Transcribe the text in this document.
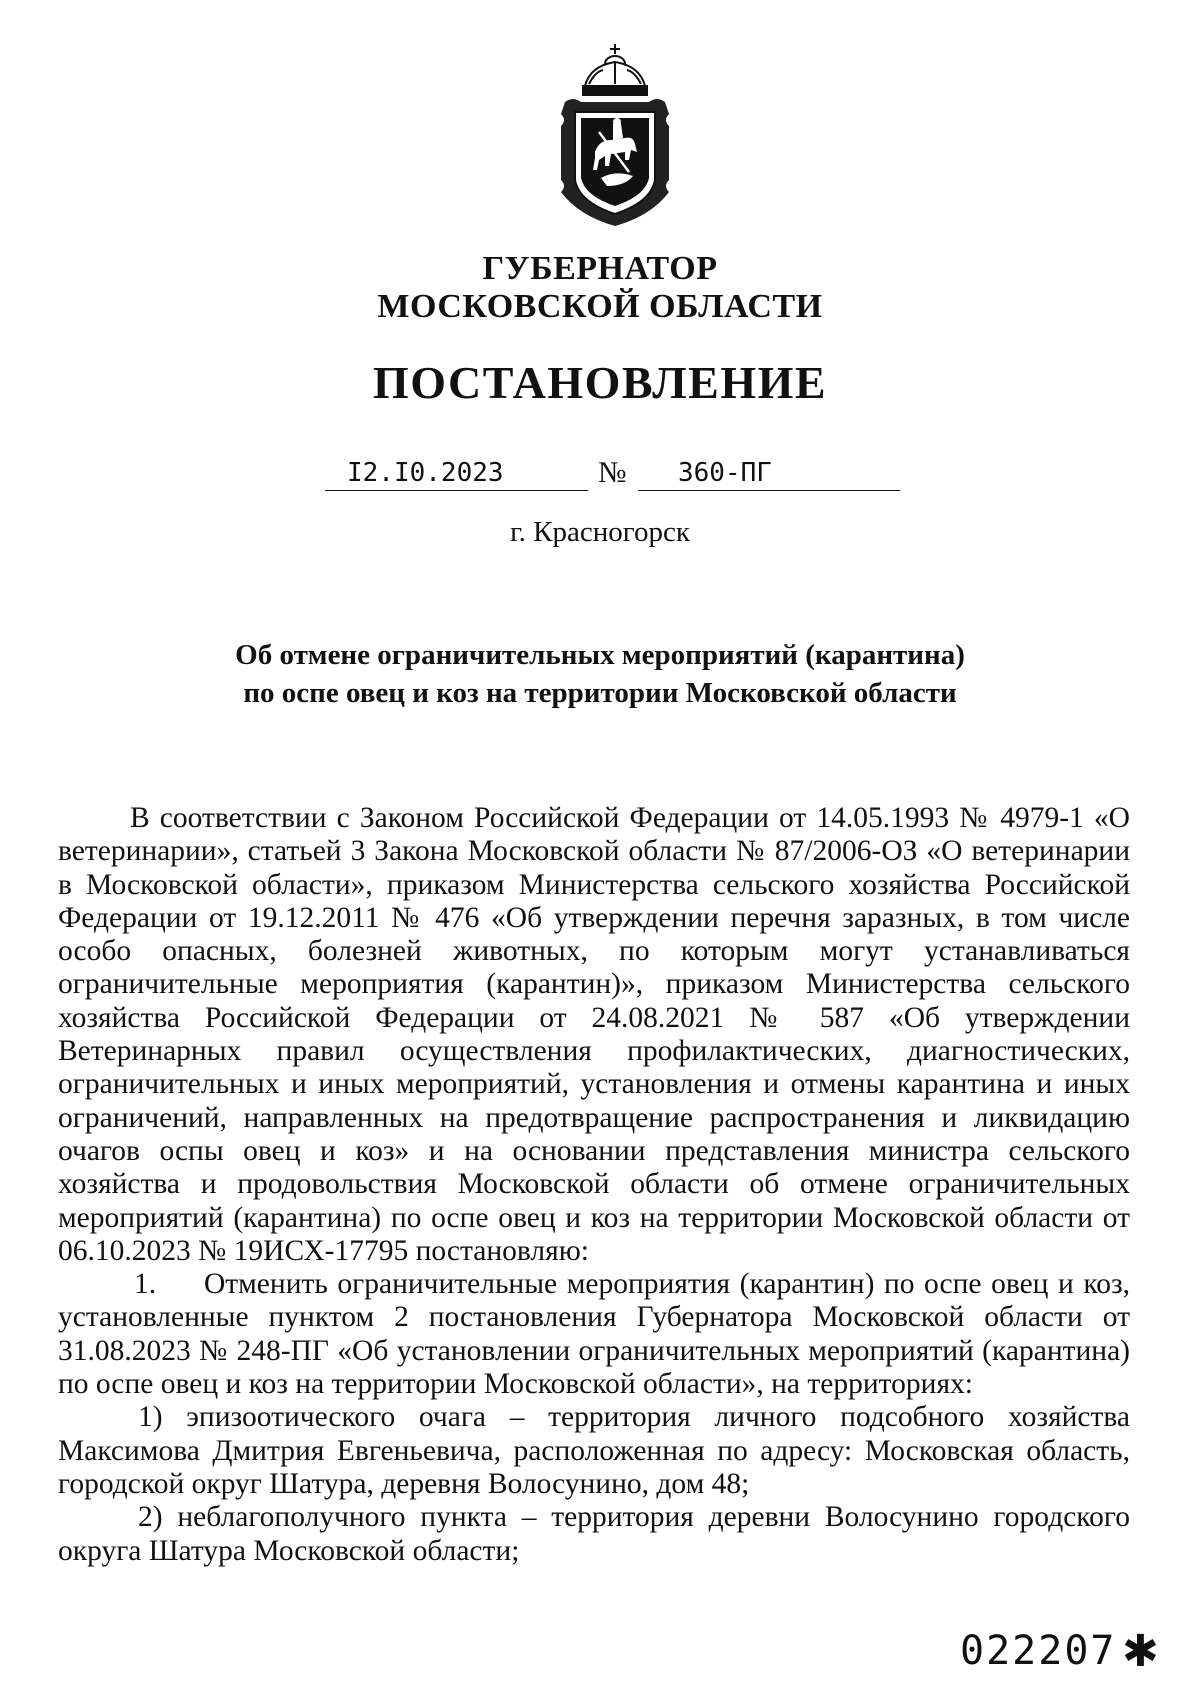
ГУБЕРНАТОР
МОСКОВСКОЙ ОБЛАСТИ
ПОСТАНОВЛЕНИЕ
I2.I0.2023	№	360-ПГ
г. Красногорск
Об отмене ограничительных мероприятий (карантина)
по оспе овец и коз на территории Московской области

В соответствии с Законом Российской Федерации от 14.05.1993 № 4979-1 «О ветеринарии», статьей 3 Закона Московской области № 87/2006-ОЗ «О ветеринарии в Московской области», приказом Министерства сельского хозяйства Российской Федерации от 19.12.2011 № 476 «Об утверждении перечня заразных, в том числе особо опасных, болезней животных, по которым могут устанавливаться ограничительные мероприятия (карантин)», приказом Министерства сельского хозяйства Российской Федерации от 24.08.2021 № 587 «Об утверждении Ветеринарных правил осуществления профилактических, диагностических, ограничительных и иных мероприятий, установления и отмены карантина и иных ограничений, направленных на предотвращение распространения и ликвидацию очагов оспы овец и коз» и на основании представления министра сельского хозяйства и продовольствия Московской области об отмене ограничительных мероприятий (карантина) по оспе овец и коз на территории Московской области от 06.10.2023 № 19ИСХ-17795 постановляю:

1.     Отменить ограничительные мероприятия (карантин) по оспе овец и коз, установленные пунктом 2 постановления Губернатора Московской области от 31.08.2023 № 248-ПГ «Об установлении ограничительных мероприятий (карантина) по оспе овец и коз на территории Московской области», на территориях:

1) эпизоотического очага – территория личного подсобного хозяйства Максимова Дмитрия Евгеньевича, расположенная по адресу: Московская область, городской округ Шатура, деревня Волосунино, дом 48;

2) неблагополучного пункта – территория деревни Волосунино городского округа Шатура Московской области;

022207 ✱
